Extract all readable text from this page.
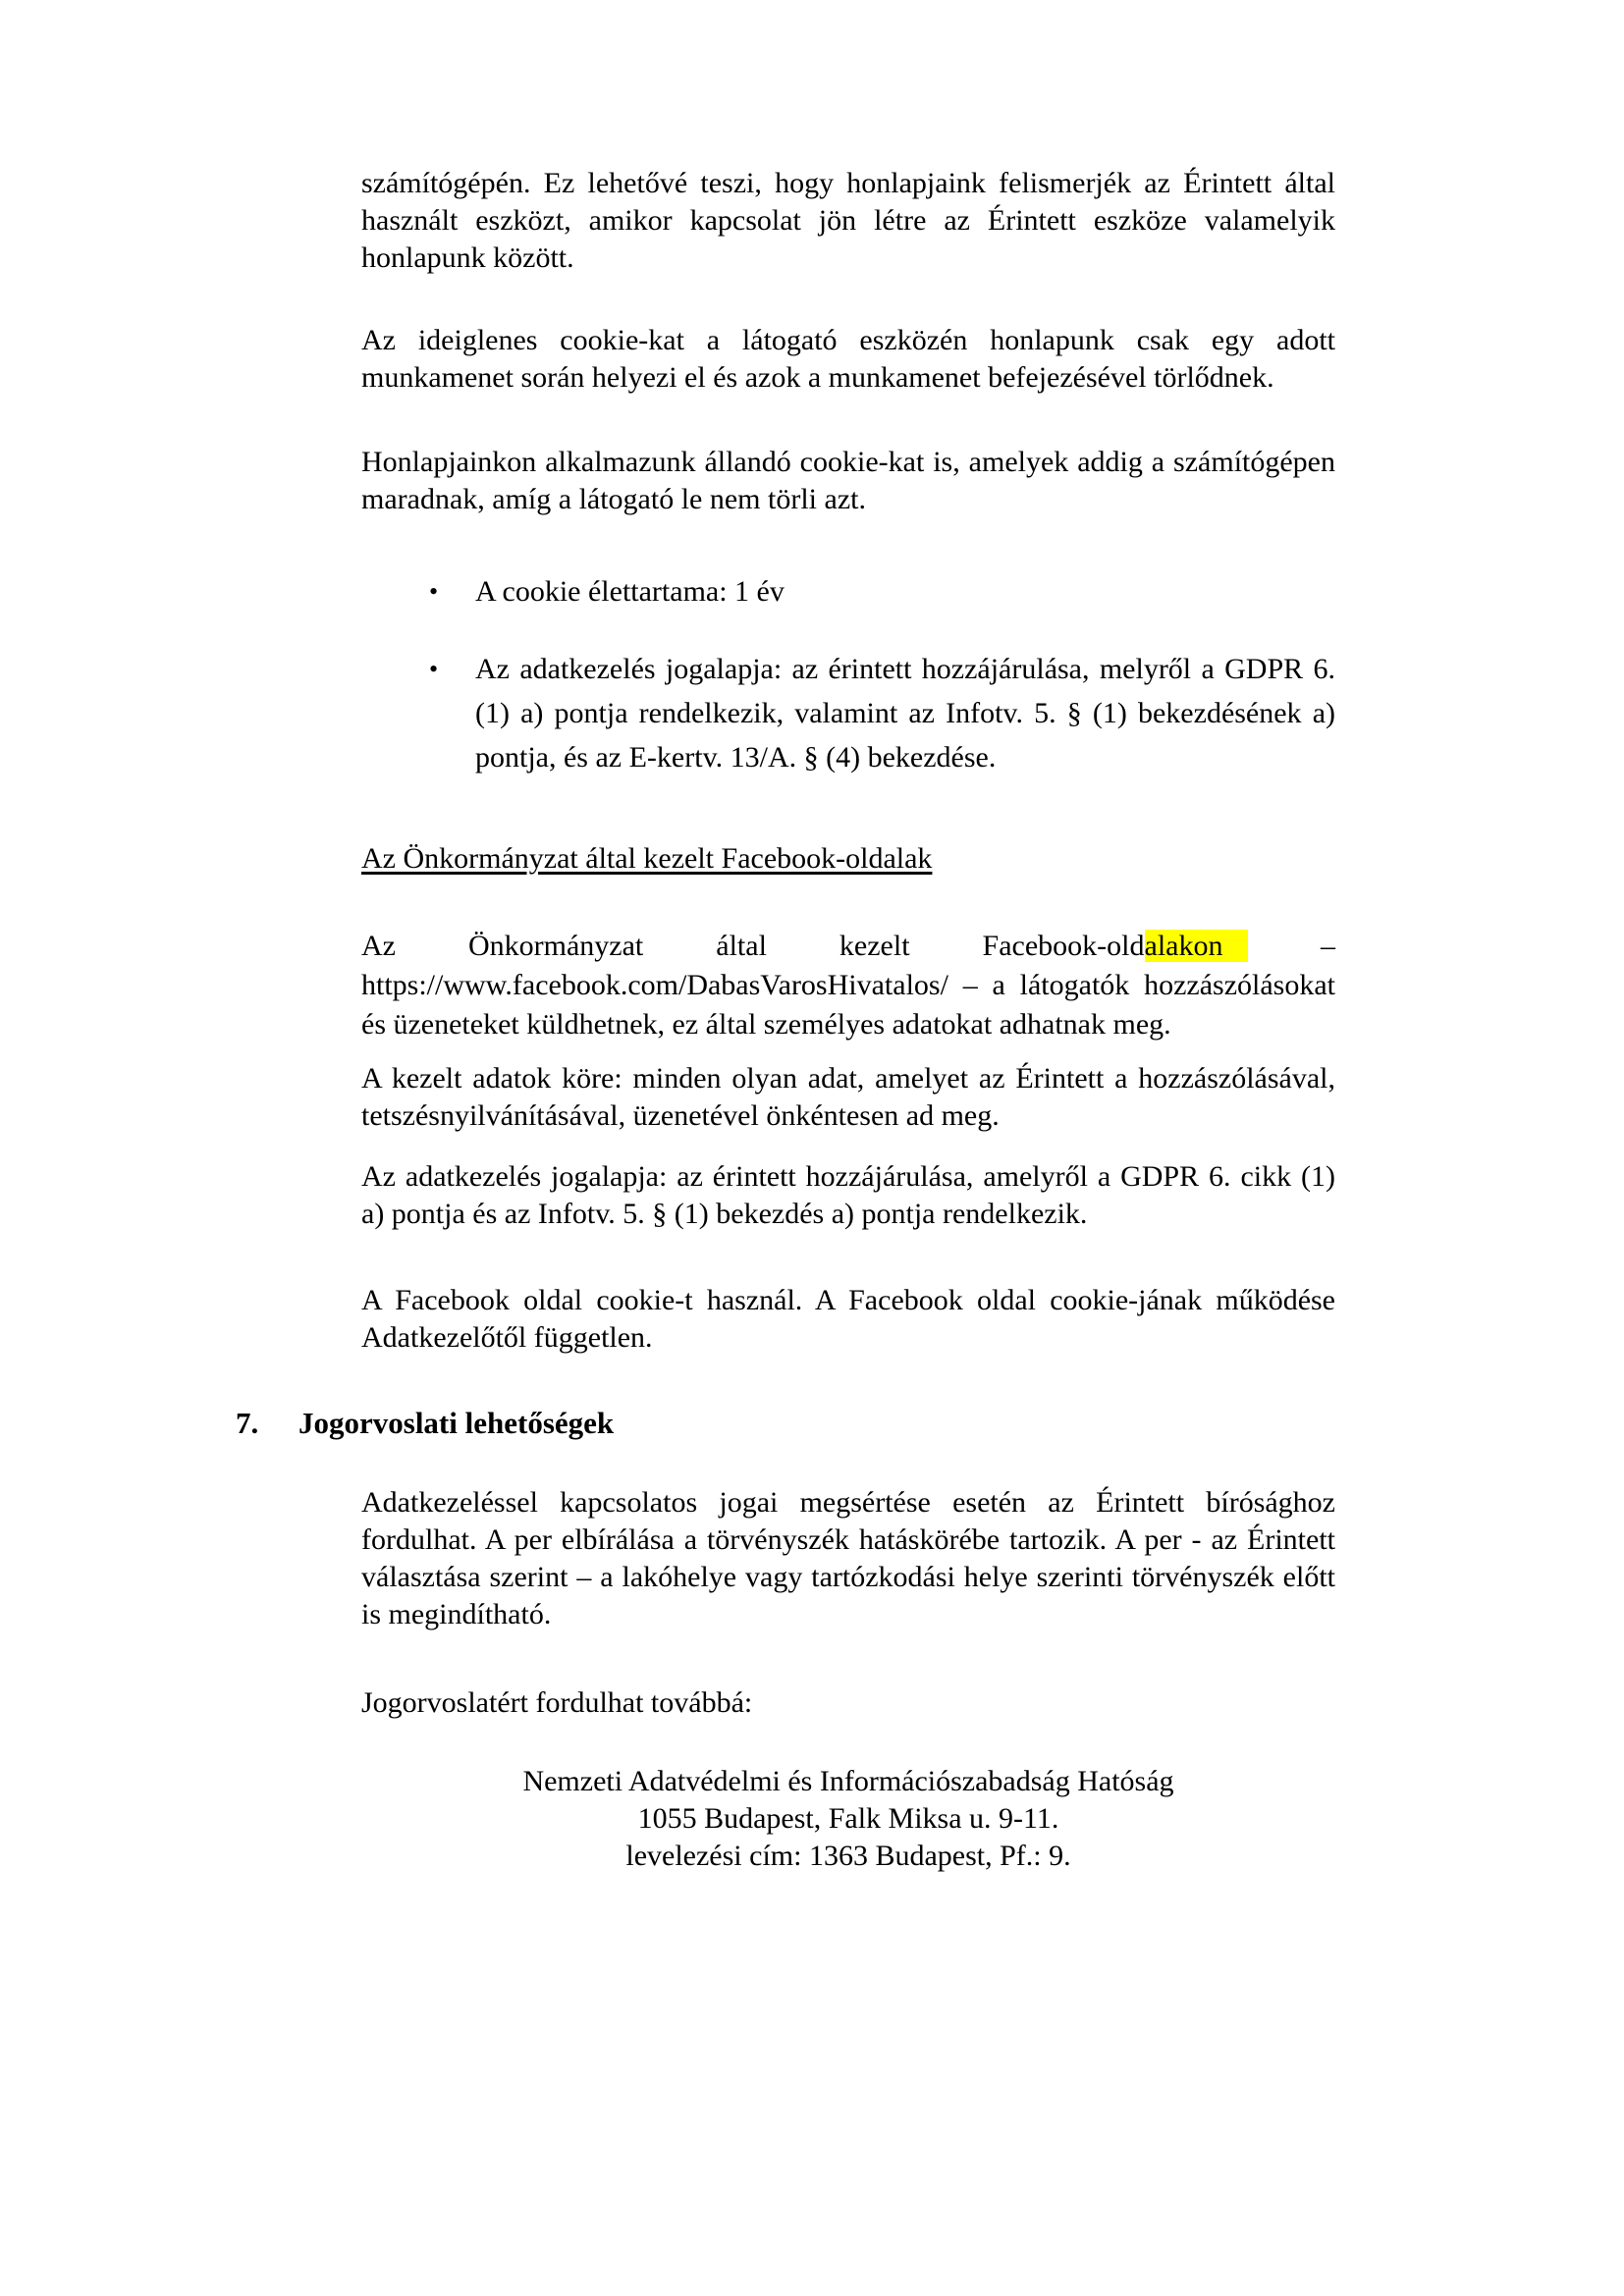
számítógépén. Ez lehetővé teszi, hogy honlapjaink felismerjék az Érintett által használt eszközt, amikor kapcsolat jön létre az Érintett eszköze valamelyik honlapunk között.

Az ideiglenes cookie-kat a látogató eszközén honlapunk csak egy adott munkamenet során helyezi el és azok a munkamenet befejezésével törlődnek.

Honlapjainkon alkalmazunk állandó cookie-kat is, amelyek addig a számítógépen maradnak, amíg a látogató le nem törli azt.

• A cookie élettartama: 1 év
• Az adatkezelés jogalapja: az érintett hozzájárulása, melyről a GDPR 6. (1) a) pontja rendelkezik, valamint az Infotv. 5. § (1) bekezdésének a) pontja, és az E-kertv. 13/A. § (4) bekezdése.

Az Önkormányzat által kezelt Facebook-oldalak

Az Önkormányzat által kezelt Facebook-oldalakon – https://www.facebook.com/DabasVarosHivatalos/ – a látogatók hozzászólásokat és üzeneteket küldhetnek, ez által személyes adatokat adhatnak meg.

A kezelt adatok köre: minden olyan adat, amelyet az Érintett a hozzászólásával, tetszésnyilvánításával, üzenetével önkéntesen ad meg.

Az adatkezelés jogalapja: az érintett hozzájárulása, amelyről a GDPR 6. cikk (1) a) pontja és az Infotv. 5. § (1) bekezdés a) pontja rendelkezik.

A Facebook oldal cookie-t használ. A Facebook oldal cookie-jának működése Adatkezelőtől független.

7.	Jogorvoslati lehetőségek

Adatkezeléssel kapcsolatos jogai megsértése esetén az Érintett bírósághoz fordulhat. A per elbírálása a törvényszék hatáskörébe tartozik. A per - az Érintett választása szerint – a lakóhelye vagy tartózkodási helye szerinti törvényszék előtt is megindítható.

Jogorvoslatért fordulhat továbbá:

Nemzeti Adatvédelmi és Információszabadság Hatóság
1055 Budapest, Falk Miksa u. 9-11.
levelezési cím: 1363 Budapest, Pf.: 9.
